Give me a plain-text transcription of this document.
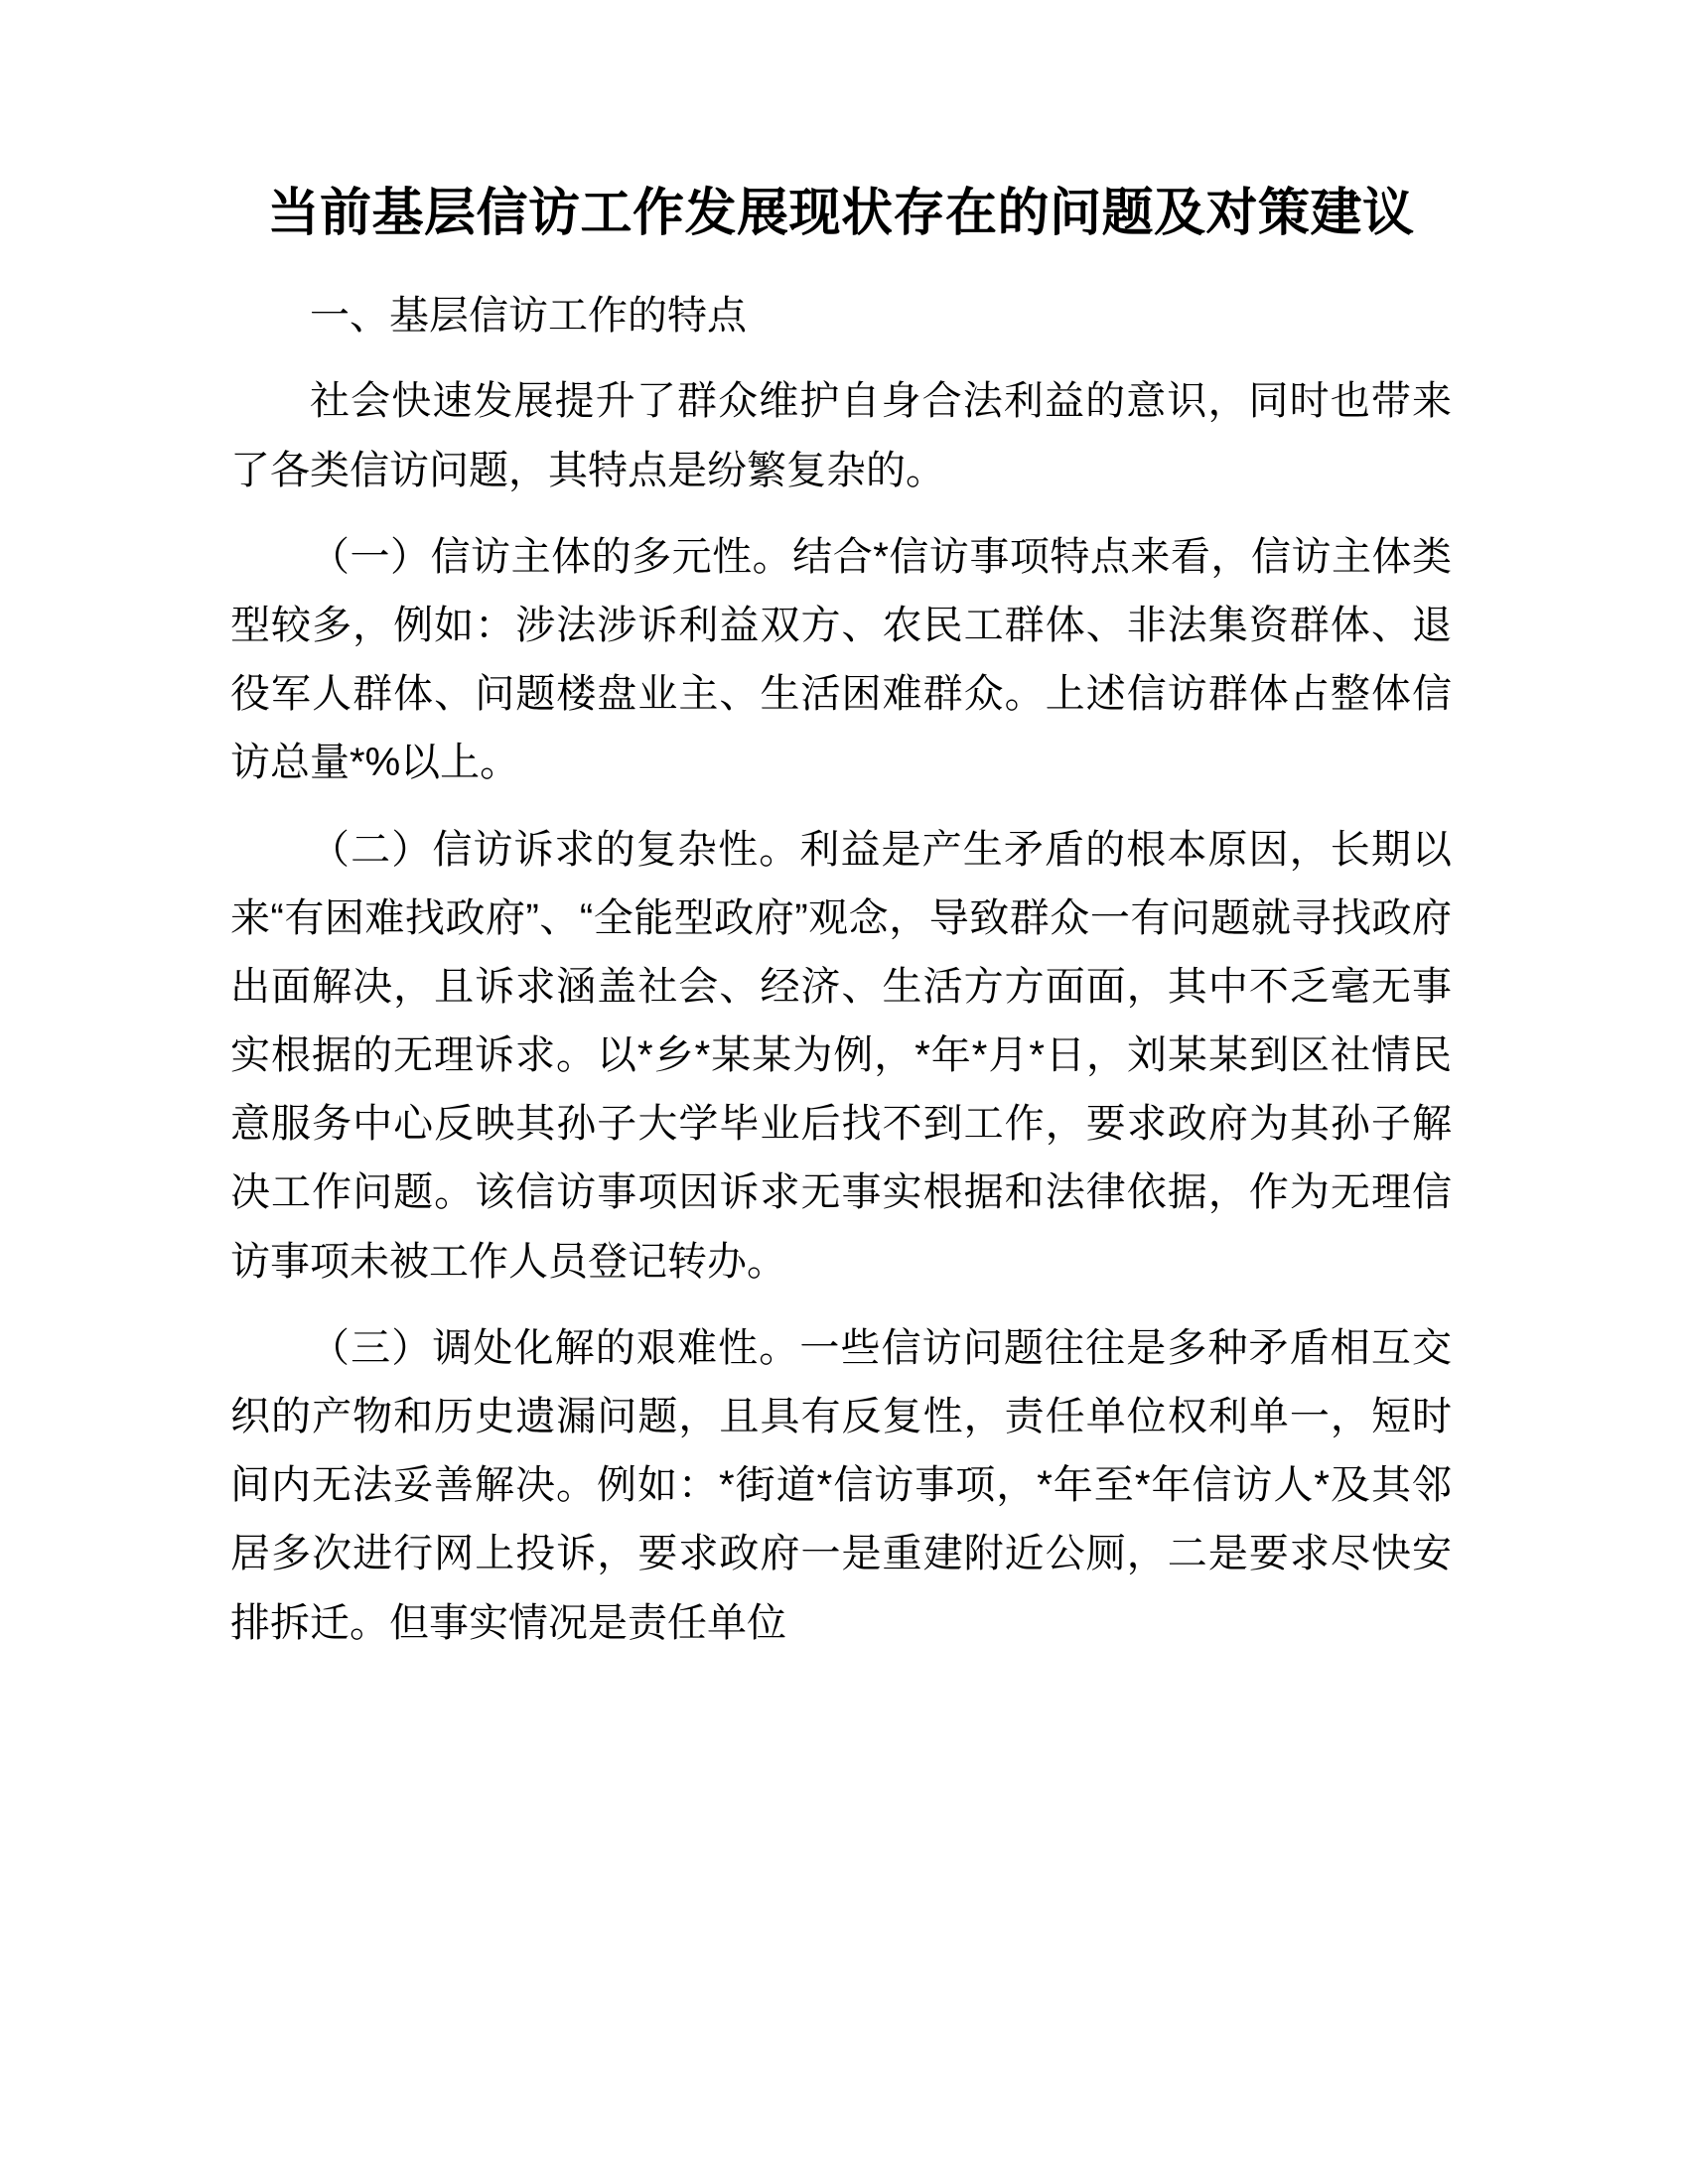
当前基层信访工作发展现状存在的问题及对策建议

一、基层信访工作的特点

社会快速发展提升了群众维护自身合法利益的意识，同时也带来了各类信访问题，其特点是纷繁复杂的。

（一）信访主体的多元性。结合*信访事项特点来看，信访主体类型较多，例如：涉法涉诉利益双方、农民工群体、非法集资群体、退役军人群体、问题楼盘业主、生活困难群众。上述信访群体占整体信访总量*%以上。

（二）信访诉求的复杂性。利益是产生矛盾的根本原因，长期以来“有困难找政府”、“全能型政府”观念，导致群众一有问题就寻找政府出面解决，且诉求涵盖社会、经济、生活方方面面，其中不乏毫无事实根据的无理诉求。以*乡*某某为例，*年*月*日，刘某某到区社情民意服务中心反映其孙子大学毕业后找不到工作，要求政府为其孙子解决工作问题。该信访事项因诉求无事实根据和法律依据，作为无理信访事项未被工作人员登记转办。

（三）调处化解的艰难性。一些信访问题往往是多种矛盾相互交织的产物和历史遗漏问题，且具有反复性，责任单位权利单一，短时间内无法妥善解决。例如：*街道*信访事项，*年至*年信访人*及其邻居多次进行网上投诉，要求政府一是重建附近公厕，二是要求尽快安排拆迁。但事实情况是责任单位
